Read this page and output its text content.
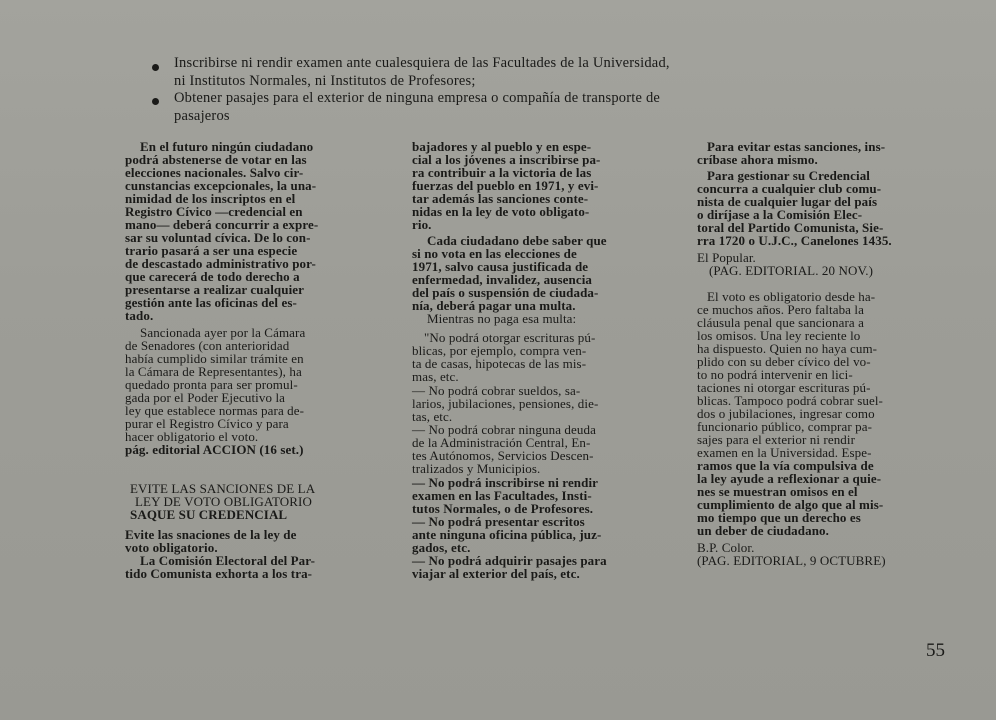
Inscribirse ni rendir examen ante cualesquiera de las Facultades de la Universidad,
ni Institutos Normales, ni Institutos de Profesores;
Obtener pasajes para el exterior de ninguna empresa o compañía de transporte de
pasajeros
En el futuro ningún ciudadano
podrá abstenerse de votar en las
elecciones nacionales. Salvo cir-
cunstancias excepcionales, la una-
nimidad de los inscriptos en el
Registro Cívico —credencial en
mano— deberá concurrir a expre-
sar su voluntad cívica. De lo con-
trario pasará a ser una especie
de descastado administrativo por-
que carecerá de todo derecho a
presentarse a realizar cualquier
gestión ante las oficinas del es-
tado.
Sancionada ayer por la Cámara
de Senadores (con anterioridad
había cumplido similar trámite en
la Cámara de Representantes), ha
quedado pronta para ser promul-
gada por el Poder Ejecutivo la
ley que establece normas para de-
purar el Registro Cívico y para
hacer obligatorio el voto.
pág. editorial ACCION (16 set.)
EVITE LAS SANCIONES DE LA
LEY DE VOTO OBLIGATORIO
SAQUE SU CREDENCIAL
Evite las snaciones de la ley de
voto obligatorio.
La Comisión Electoral del Par-
tido Comunista exhorta a los tra-
bajadores y al pueblo y en espe-
cial a los jóvenes a inscribirse pa-
ra contribuir a la victoria de las
fuerzas del pueblo en 1971, y evi-
tar además las sanciones conte-
nidas en la ley de voto obligato-
rio.
Cada ciudadano debe saber que
si no vota en las elecciones de
1971, salvo causa justificada de
enfermedad, invalidez, ausencia
del país o suspensión de ciudada-
nía, deberá pagar una multa.
Mientras no paga esa multa:
"No podrá otorgar escrituras pú-
blicas, por ejemplo, compra ven-
ta de casas, hipotecas de las mis-
mas, etc.
— No podrá cobrar sueldos, sa-
larios, jubilaciones, pensiones, die-
tas, etc.
— No podrá cobrar ninguna deuda
de la Administración Central, En-
tes Autónomos, Servicios Descen-
tralizados y Municipios.
— No podrá inscribirse ni rendir
examen en las Facultades, Insti-
tutos Normales, o de Profesores.
— No podrá presentar escritos
ante ninguna oficina pública, juz-
gados, etc.
— No podrá adquirir pasajes para
viajar al exterior del país, etc.
Para evitar estas sanciones, ins-
críbase ahora mismo.
Para gestionar su Credencial
concurra a cualquier club comu-
nista de cualquier lugar del país
o diríjase a la Comisión Elec-
toral del Partido Comunista, Sie-
rra 1720 o U.J.C., Canelones 1435.
El Popular.
(PAG. EDITORIAL. 20 NOV.)
El voto es obligatorio desde ha-
ce muchos años. Pero faltaba la
cláusula penal que sancionara a
los omisos. Una ley reciente lo
ha dispuesto. Quien no haya cum-
plido con su deber cívico del vo-
to no podrá intervenir en lici-
taciones ni otorgar escrituras pú-
blicas. Tampoco podrá cobrar suel-
dos o jubilaciones, ingresar como
funcionario público, comprar pa-
sajes para el exterior ni rendir
examen en la Universidad. Espe-
ramos que la vía compulsiva de
la ley ayude a reflexionar a quie-
nes se muestran omisos en el
cumplimiento de algo que al mis-
mo tiempo que un derecho es
un deber de ciudadano.
B.P. Color.
(PAG. EDITORIAL, 9 OCTUBRE)
55
